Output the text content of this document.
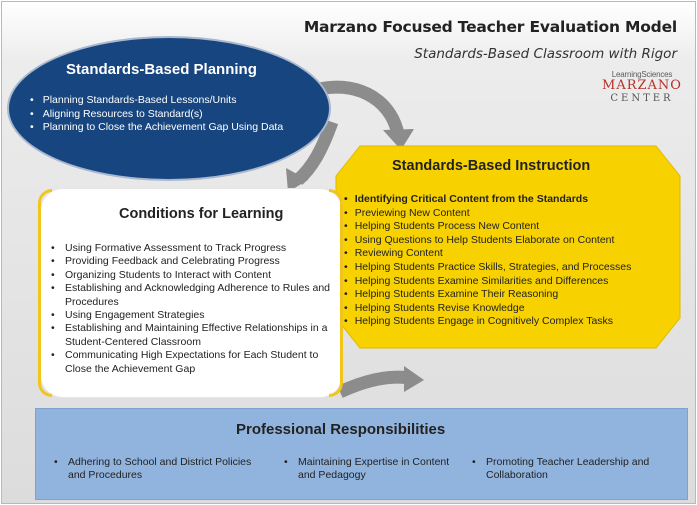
Marzano Focused Teacher Evaluation Model
Standards-Based Classroom with Rigor
LearningSciences
MARZANO
CENTER
Standards-Based Planning
• Planning Standards-Based Lessons/Units
• Aligning Resources to Standard(s)
• Planning to Close the Achievement Gap Using Data
Standards-Based Instruction
• Identifying Critical Content from the Standards
• Previewing New Content
• Helping Students Process New Content
• Using Questions to Help Students Elaborate on Content
• Reviewing Content
• Helping Students Practice Skills, Strategies, and Processes
• Helping Students Examine Similarities and Differences
• Helping Students Examine Their Reasoning
• Helping Students Revise Knowledge
• Helping Students Engage in Cognitively Complex Tasks
Conditions for Learning
• Using Formative Assessment to Track Progress
• Providing Feedback and Celebrating Progress
• Organizing Students to Interact with Content
• Establishing and Acknowledging Adherence to Rules and Procedures
• Using Engagement Strategies
• Establishing and Maintaining Effective Relationships in a Student-Centered Classroom
• Communicating High Expectations for Each Student to Close the Achievement Gap
Professional Responsibilities
• Adhering to School and District Policies and Procedures
• Maintaining Expertise in Content and Pedagogy
• Promoting Teacher Leadership and Collaboration
